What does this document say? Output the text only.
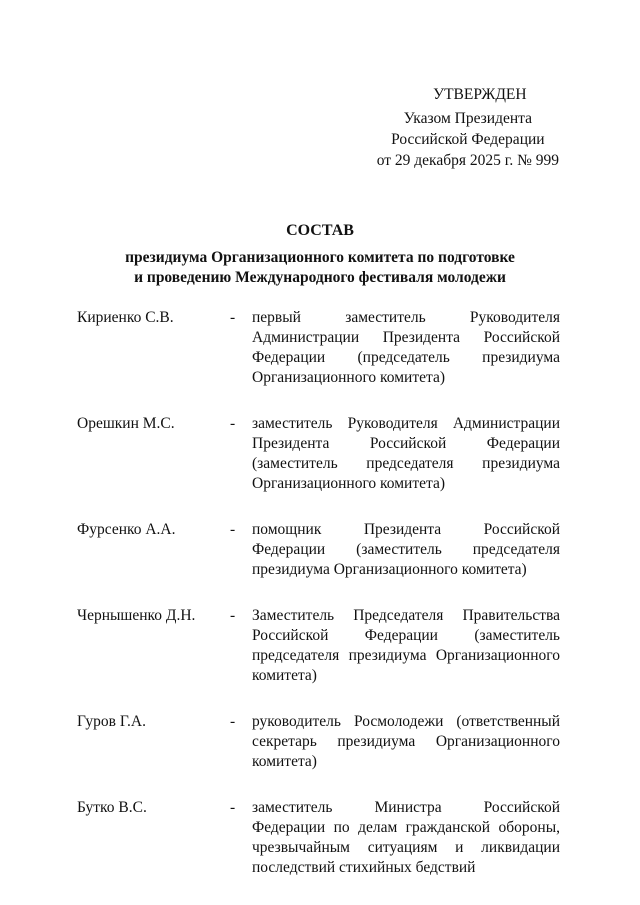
УТВЕРЖДЕН
Указом Президента
Российской Федерации
от 29 декабря 2025 г. № 999
СОСТАВ
президиума Организационного комитета по подготовке
и проведению Международного фестиваля молодежи
Кириенко С.В.	- первый заместитель Руководителя
Администрации Президента Российской
Федерации (председатель президиума
Организационного комитета)
Орешкин М.С.	- заместитель Руководителя Администрации
Президента Российской Федерации
(заместитель председателя президиума
Организационного комитета)
Фурсенко А.А.	- помощник Президента Российской
Федерации (заместитель председателя
президиума Организационного комитета)
Чернышенко Д.Н. - Заместитель Председателя Правительства
Российской Федерации (заместитель
председателя президиума Организационного
комитета)
Гуров Г.А.	- руководитель Росмолодежи (ответственный
секретарь президиума Организационного
комитета)
Бутко В.С.	- заместитель Министра Российской
Федерации по делам гражданской обороны,
чрезвычайным ситуациям и ликвидации
последствий стихийных бедствий
